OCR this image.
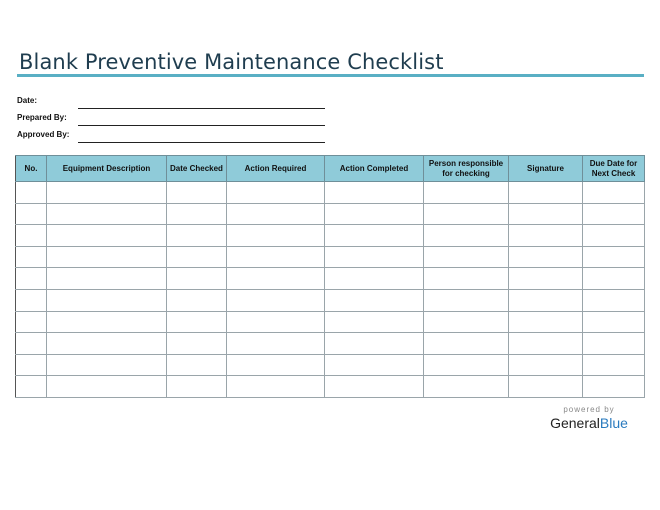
Blank Preventive Maintenance Checklist
Date:
Prepared By:
Approved By:
No.	Equipment Description	Date Checked	Action Required	Action Completed	Person responsible for checking	Signature	Due Date for Next Check

powered by
GeneralBlue
